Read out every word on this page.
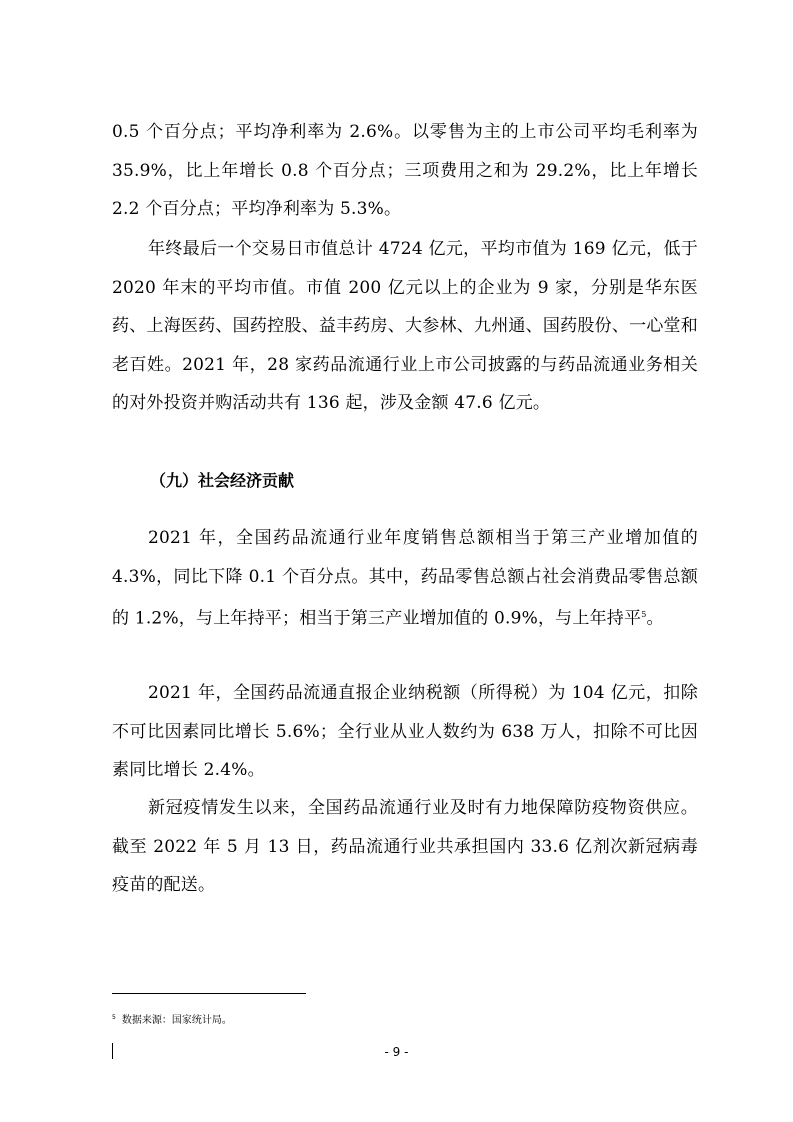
0.5 个百分点；平均净利率为 2.6%。以零售为主的上市公司平均毛利率为 35.9%，比上年增长 0.8 个百分点；三项费用之和为 29.2%，比上年增长 2.2 个百分点；平均净利率为 5.3%。

年终最后一个交易日市值总计 4724 亿元，平均市值为 169 亿元，低于 2020 年末的平均市值。市值 200 亿元以上的企业为 9 家，分别是华东医药、上海医药、国药控股、益丰药房、大参林、九州通、国药股份、一心堂和老百姓。2021 年，28 家药品流通行业上市公司披露的与药品流通业务相关的对外投资并购活动共有 136 起，涉及金额 47.6 亿元。

（九）社会经济贡献

2021 年，全国药品流通行业年度销售总额相当于第三产业增加值的 4.3%，同比下降 0.1 个百分点。其中，药品零售总额占社会消费品零售总额的 1.2%，与上年持平；相当于第三产业增加值的 0.9%，与上年持平$^5$。

2021 年，全国药品流通直报企业纳税额（所得税）为 104 亿元，扣除不可比因素同比增长 5.6%；全行业从业人数约为 638 万人，扣除不可比因素同比增长 2.4%。

新冠疫情发生以来，全国药品流通行业及时有力地保障防疫物资供应。截至 2022 年 5 月 13 日，药品流通行业共承担国内 33.6 亿剂次新冠病毒疫苗的配送。

$^5$ 数据来源：国家统计局。
- 9 -
